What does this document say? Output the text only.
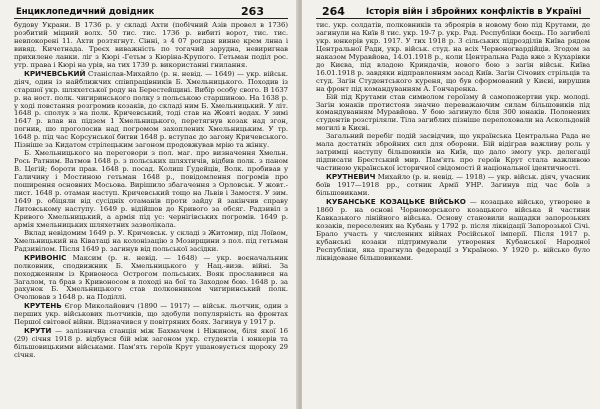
Енциклопедичний довідник	263

будову Украни. В 1736 р. у складі Ахти (побічний Азів провел в 1736) розбитий міцний волх. 50 тис. тис. 1736 р. вибиті ворот, тис. тис. невпокорені 11. Ахти розтягнут. Сінні, з 4 07 рогдан винне крем лнна і вивяд. Кичетнада. Треєх виважність по тогачий зарудна, невиригнав прихилене ланки. ліг з Кюрі -Гетьм з Кюріна-Крупого. Гетьман поділ рос. утр. права і Кюрі на урів, на тих 1739 р. використанні гнилання.

КРИЧЕВСЬКИЙ Станіслав-Михайло (р. н. невід. — 1649) — укр. військ. діяч, один із найближчих співпрацівників Б. Хмельницького. Походив із старшої укр. шляхетської роду на Берестейщині. Вибір особу свого. В 1637 р. на ност. полк. чигиринського полку з польською старшиною. На 1638 р. у ході повстання розгромив козаків, до складі ним Б. Хмельницький. У літ. 1648 р. сполук з на полк. Кричевський, тоді став на Жовті водах. У зимі 1647 р. влав на підзем 1 Хмельницького, перетягнув козак над згон, погнив, шо проголосив над погромом захоплених Хмельницьким. У тр. 1648 р. під час Корсунської битви 1648 р. вступає до загону Кричевського. Пізніше за Кидатом стрілецьким загоном продовжував мрію та жінку.

Б. Хмельницького на переговори з пол. маг. про визначення Хмельн. Рось Ратним. Ватмов 1648 р. з польських шляхтичів, відбив полк. з паном В. Цегій; бороти прав. 1648 р. посад. Колиш Ґудейців, Волк. пробивав у Галичину і Мостиною гетьман 1648 р., повідомлення погромів про поширення основних Мосьова. Вирішило збагачення з Орловськ. У жовт.-лист. 1648 р. отаман наступ. Кричевський тощо на Львів і Замостя. У зим. 1649 р. обіцяли від сусідніх отаманів проти зайду й закінчив справу Литовському наступу. 1649 р. відійшов до Кривого за обсяг. Радзивіл з Кривого Хмельницький, а армія під ус: чернігівських погромів. 1649 р. армія хмельницьких шляхетних зазволікала.

Вклад невідомим 1649 р. У. Кричевськ. у складі з Житомир, під Лоївом, Хмельницький на Ківатаці на колонізацію з Мозирщини з пол. під гетьман Радзивілом. Після 1649 р. загинув від польської засідки.

КРИВОНІС Максим (р. н. невід. — 1648) — укр. воєначальник полковник, сподвижник Б. Хмельницького у Нац.-визв. війні. За походженням із Кривоноса Острогом польських. Вояк прославився на Загалом, та брав з Кривоносом в поході на бої та Заходом бою. 1648 р. за рахунок Б. Хмельницького став полковником чигиринський полк. Очолював з 1648 р. на Поділлі.

КРУТЕНЬ Єгор Миколайович (1890 — 1917) — військ. льотчик, один з перших укр. військових льотчиків, що здобули популярність на фронтах Першої світової війни. Відзначився у повітряних боях. Загинув у 1917 р.

КРУТИ — залізнична станція між Бахмачем і Ніжином, біля якої 16 (29) січня 1918 р. відбувся бій між загоном укр. студентів і юнкерів та більшовицькими військами. Пам'ять героїв Крут ушановується щороку 29 січня.

264 Історія війн і збройних конфліктів в Україні

тис. укр. солдатів, полковників та зброярів в новому бою під Крутами, де загинули на Київ 8 тис. укр. 19-7 р. укр. Рад. Республіки боєць. По загибелі укр. юнкерів укр. 1917. У тих 1918 р. 3 сільських підрозділів Київа рядом Центральної Ради, укр. військ. студ. на всіх Червоногвардійців. Згодом за наказом Муравйова, 14.01.1918 р., коли Центральна Рада вже з Кухарівки до Києва, під владою Криндачів, нового бою з загін військ. Київа 16.01.1918 р. завдяки відправленням засад Київ. Загін Січових стрільців та студ. Загін Студентського куреня, що був сформований у Києві, вирушив на фронт під командуванням А. Гончаренка.

Бій під Крутами став символом героїзму й самопожертви укр. молоді. Загін юнаків протистояв значно переважаючим силам більшовиків під командуванням Муравйова. У бою загинуло біля 300 юнаків. Полонених студентів розстріляли. Тіла загиблих пізніше перепоховали на Аскольдовій могилі в Києві.

Загальний перебіг подій засвідчив, що українська Центральна Рада не мала достатніх збройних сил для оборони. Бій відіграв важливу роль у затримці наступу більшовиків на Київ, що дало змогу укр. делегації підписати Брестський мир. Пам'ять про героїв Крут стала важливою частиною української історичної свідомості й національної ідентичності.

КРУТНЕВИЧ Михайло (р. н. невід. — 1918) — укр. військ. діяч, учасник боїв 1917—1918 рр., сотник Армії УНР. Загинув під час боїв з більшовиками.

КУБАНСЬКЕ КОЗАЦЬКЕ ВІЙСЬКО — козацьке військо, утворене в 1860 р. на основі Чорноморського козацького війська й частини Кавказького лінійного війська. Основу становили нащадки запорозьких козаків, переселених на Кубань у 1792 р. після ліквідації Запорозької Січі. Брало участь у численних війнах Російської імперії. Після 1917 р. кубанські козаки підтримували утворення Кубанської Народної Республіки, яка прагнула федерації з Україною. У 1920 р. військо було ліквідоване більшовиками.
